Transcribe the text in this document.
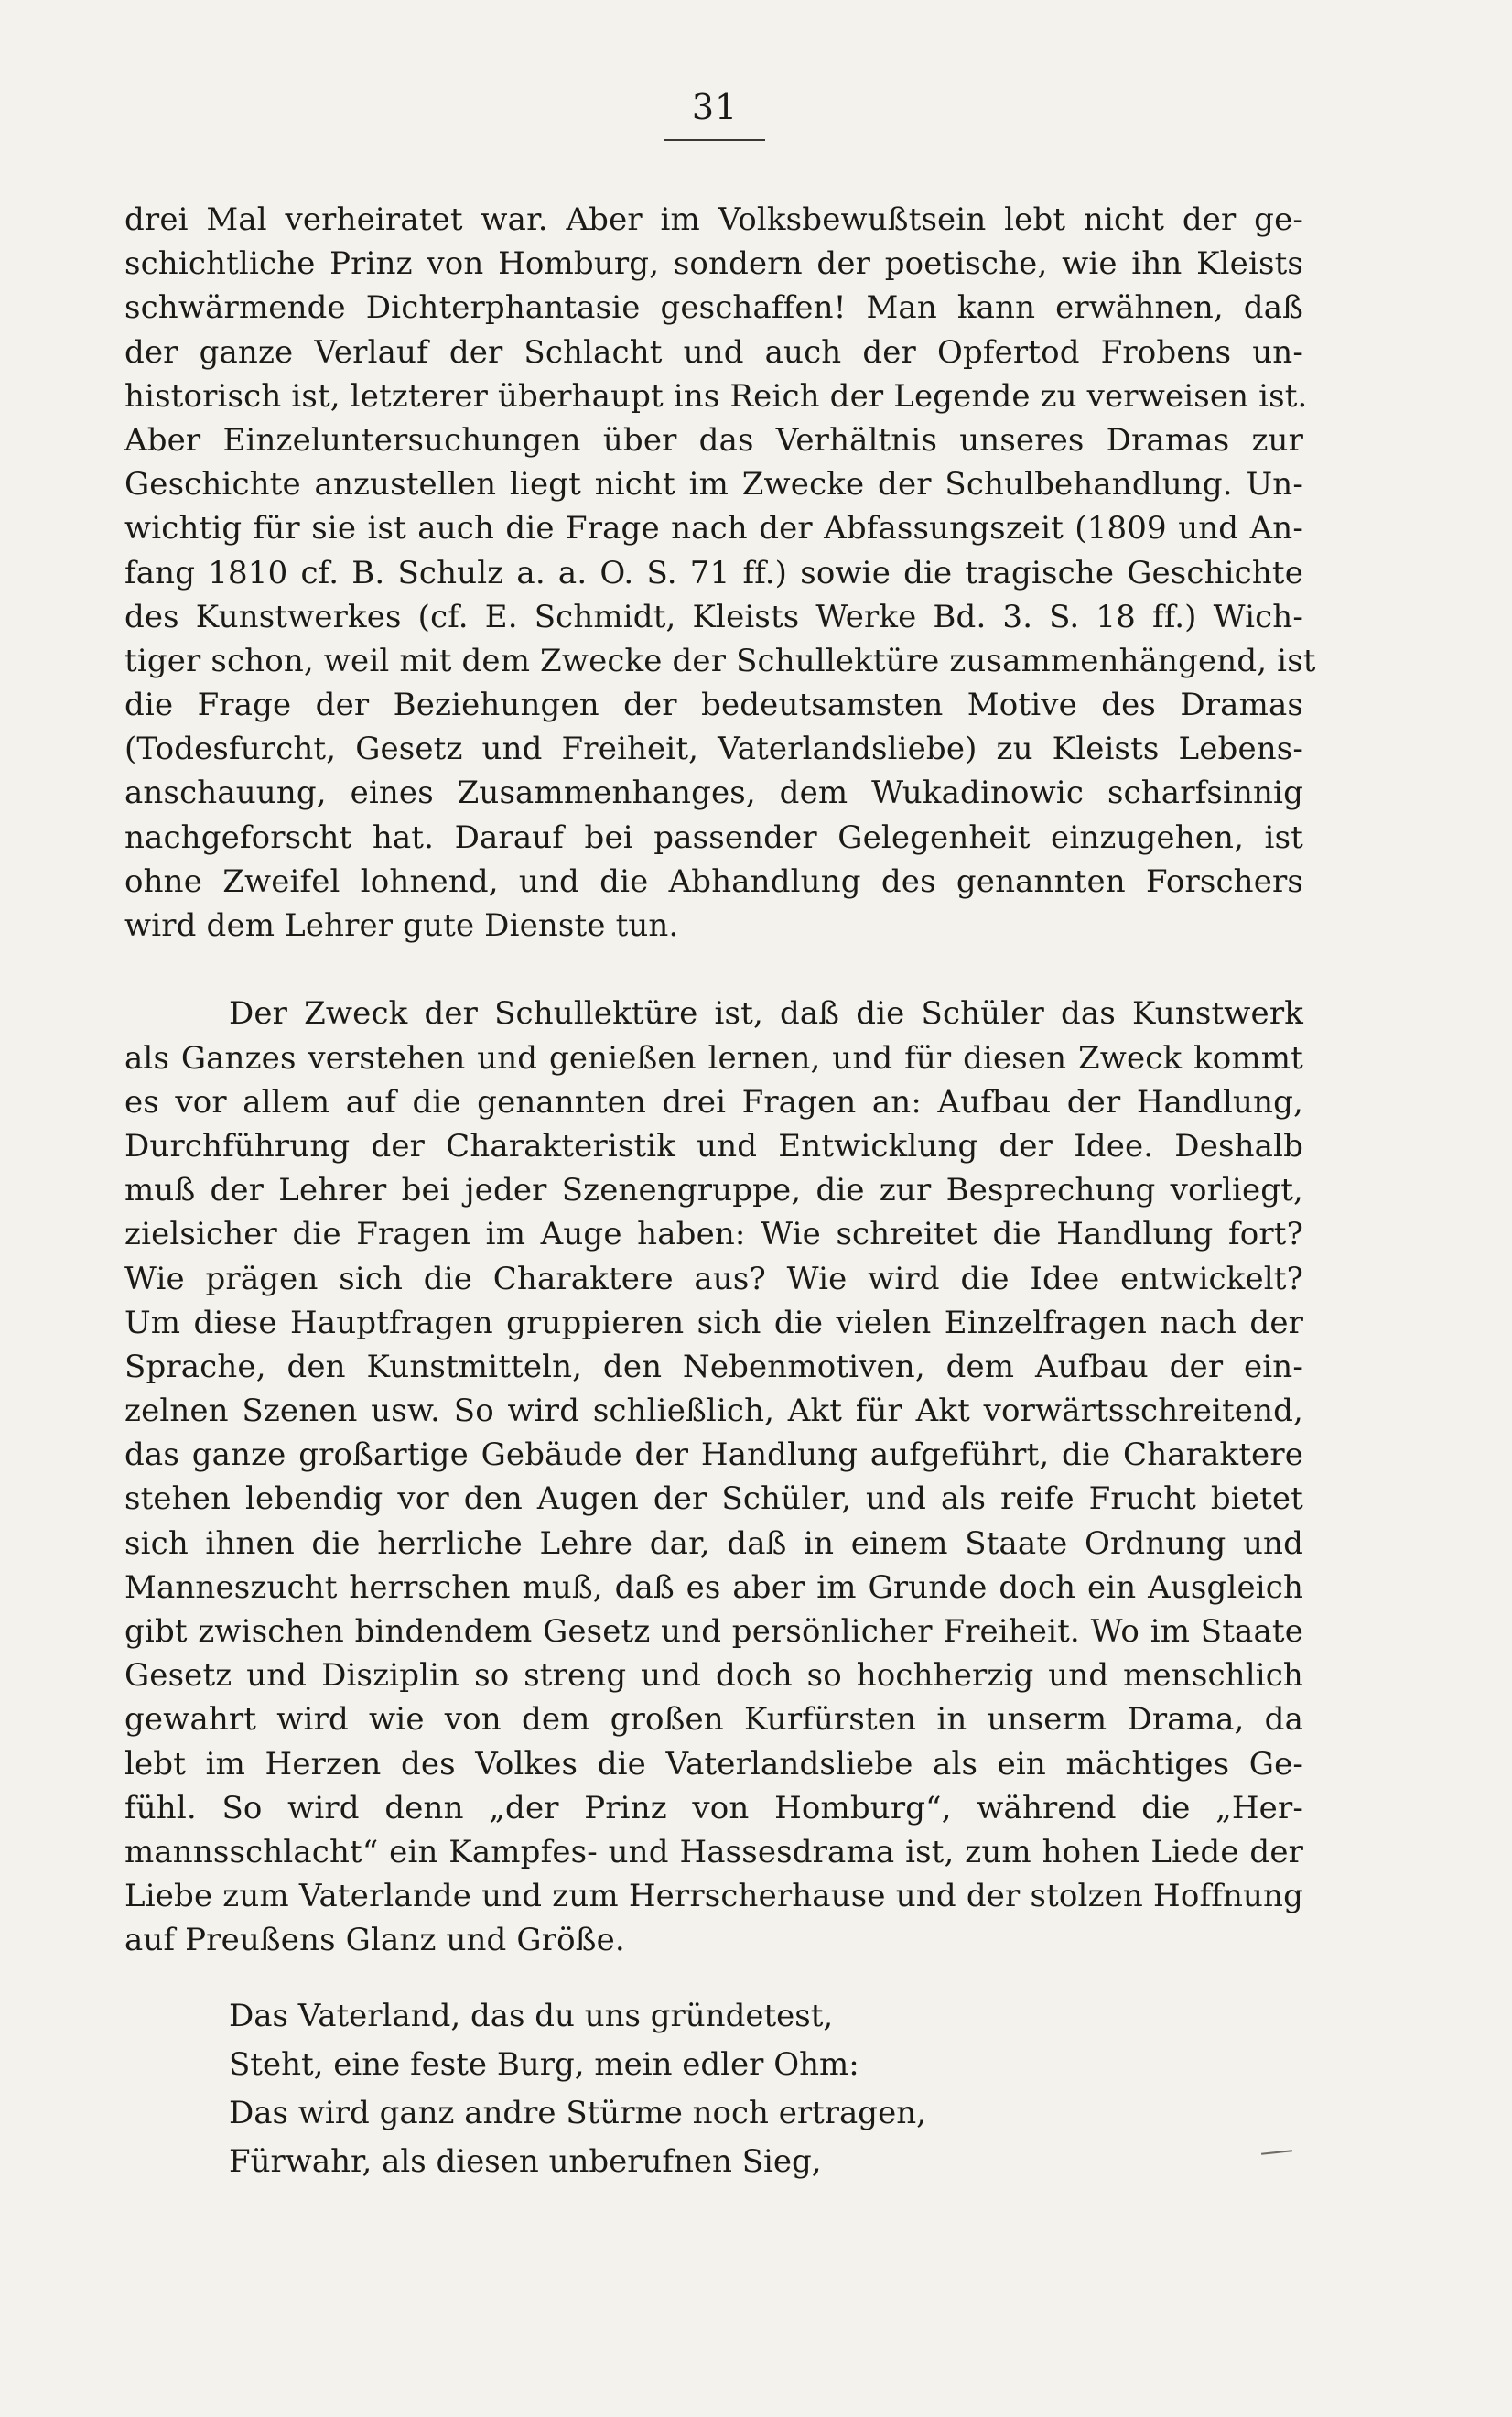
31
drei Mal verheiratet war. Aber im Volksbewußtsein lebt nicht der ge-
schichtliche Prinz von Homburg, sondern der poetische, wie ihn Kleists
schwärmende Dichterphantasie geschaffen! Man kann erwähnen, daß
der ganze Verlauf der Schlacht und auch der Opfertod Frobens un-
historisch ist, letzterer überhaupt ins Reich der Legende zu verweisen ist.
Aber Einzeluntersuchungen über das Verhältnis unseres Dramas zur
Geschichte anzustellen liegt nicht im Zwecke der Schulbehandlung. Un-
wichtig für sie ist auch die Frage nach der Abfassungszeit (1809 und An-
fang 1810 cf. B. Schulz a. a. O. S. 71 ff.) sowie die tragische Geschichte
des Kunstwerkes (cf. E. Schmidt, Kleists Werke Bd. 3. S. 18 ff.) Wich-
tiger schon, weil mit dem Zwecke der Schullektüre zusammenhängend, ist
die Frage der Beziehungen der bedeutsamsten Motive des Dramas
(Todesfurcht, Gesetz und Freiheit, Vaterlandsliebe) zu Kleists Lebens-
anschauung, eines Zusammenhanges, dem Wukadinowic scharfsinnig
nachgeforscht hat. Darauf bei passender Gelegenheit einzugehen, ist
ohne Zweifel lohnend, und die Abhandlung des genannten Forschers
wird dem Lehrer gute Dienste tun.
Der Zweck der Schullektüre ist, daß die Schüler das Kunstwerk
als Ganzes verstehen und genießen lernen, und für diesen Zweck kommt
es vor allem auf die genannten drei Fragen an: Aufbau der Handlung,
Durchführung der Charakteristik und Entwicklung der Idee. Deshalb
muß der Lehrer bei jeder Szenengruppe, die zur Besprechung vorliegt,
zielsicher die Fragen im Auge haben: Wie schreitet die Handlung fort?
Wie prägen sich die Charaktere aus? Wie wird die Idee entwickelt?
Um diese Hauptfragen gruppieren sich die vielen Einzelfragen nach der
Sprache, den Kunstmitteln, den Nebenmotiven, dem Aufbau der ein-
zelnen Szenen usw. So wird schließlich, Akt für Akt vorwärtsschreitend,
das ganze großartige Gebäude der Handlung aufgeführt, die Charaktere
stehen lebendig vor den Augen der Schüler, und als reife Frucht bietet
sich ihnen die herrliche Lehre dar, daß in einem Staate Ordnung und
Manneszucht herrschen muß, daß es aber im Grunde doch ein Ausgleich
gibt zwischen bindendem Gesetz und persönlicher Freiheit. Wo im Staate
Gesetz und Disziplin so streng und doch so hochherzig und menschlich
gewahrt wird wie von dem großen Kurfürsten in unserm Drama, da
lebt im Herzen des Volkes die Vaterlandsliebe als ein mächtiges Ge-
fühl. So wird denn „der Prinz von Homburg“, während die „Her-
mannsschlacht“ ein Kampfes- und Hassesdrama ist, zum hohen Liede der
Liebe zum Vaterlande und zum Herrscherhause und der stolzen Hoffnung
auf Preußens Glanz und Größe.
Das Vaterland, das du uns gründetest,
Steht, eine feste Burg, mein edler Ohm:
Das wird ganz andre Stürme noch ertragen,
Fürwahr, als diesen unberufnen Sieg,
